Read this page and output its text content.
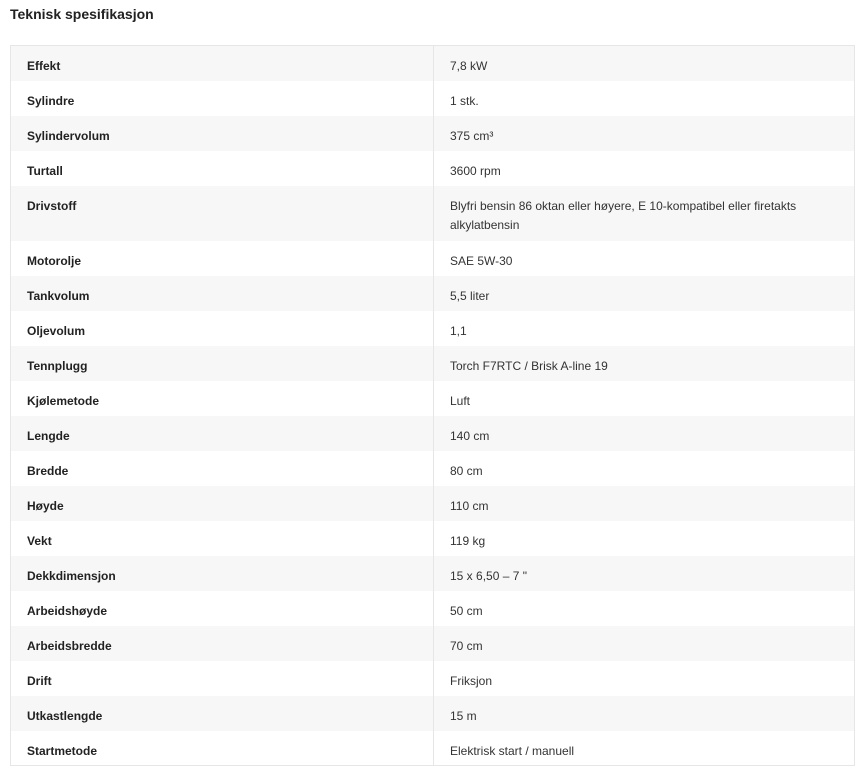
Teknisk spesifikasjon
Effekt	7,8 kW
Sylindre	1 stk.
Sylindervolum	375 cm³
Turtall	3600 rpm
Drivstoff	Blyfri bensin 86 oktan eller høyere, E 10-kompatibel eller firetakts alkylatbensin
Motorolje	SAE 5W-30
Tankvolum	5,5 liter
Oljevolum	1,1
Tennplugg	Torch F7RTC / Brisk A-line 19
Kjølemetode	Luft
Lengde	140 cm
Bredde	80 cm
Høyde	110 cm
Vekt	119 kg
Dekkdimensjon	15 x 6,50 – 7 "
Arbeidshøyde	50 cm
Arbeidsbredde	70 cm
Drift	Friksjon
Utkastlengde	15 m
Startmetode	Elektrisk start / manuell
